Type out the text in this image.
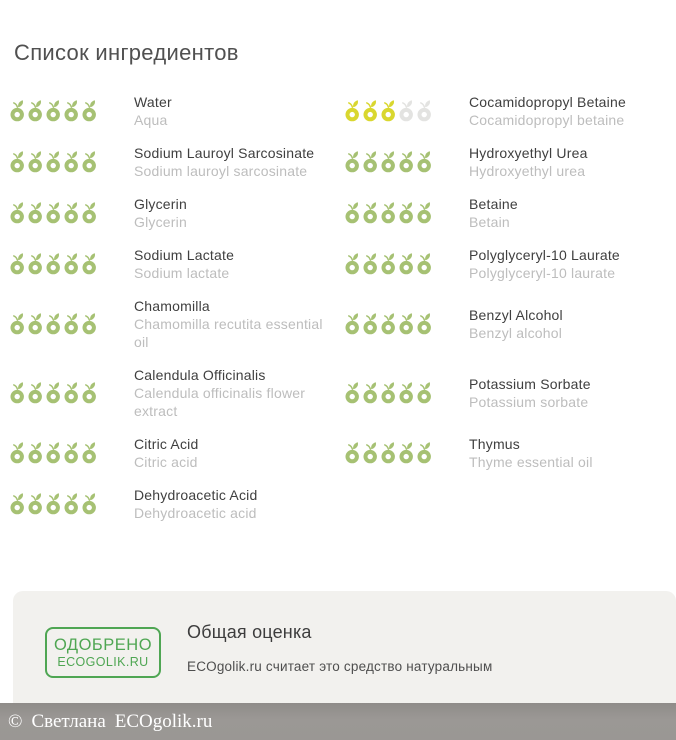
Список ингредиентов
Water
Aqua
Cocamidopropyl Betaine
Cocamidopropyl betaine
Sodium Lauroyl Sarcosinate
Sodium lauroyl sarcosinate
Hydroxyethyl Urea
Hydroxyethyl urea
Glycerin
Glycerin
Betaine
Betain
Sodium Lactate
Sodium lactate
Polyglyceryl-10 Laurate
Polyglyceryl-10 laurate
Chamomilla
Chamomilla recutita essential oil
Benzyl Alcohol
Benzyl alcohol
Calendula Officinalis
Calendula officinalis flower extract
Potassium Sorbate
Potassium sorbate
Citric Acid
Citric acid
Thymus
Thyme essential oil
Dehydroacetic Acid
Dehydroacetic acid
ОДОБРЕНО
ECOGOLIK.RU
Общая оценка
ECOgolik.ru считает это средство натуральным
© Светлана ECOgolik.ru
